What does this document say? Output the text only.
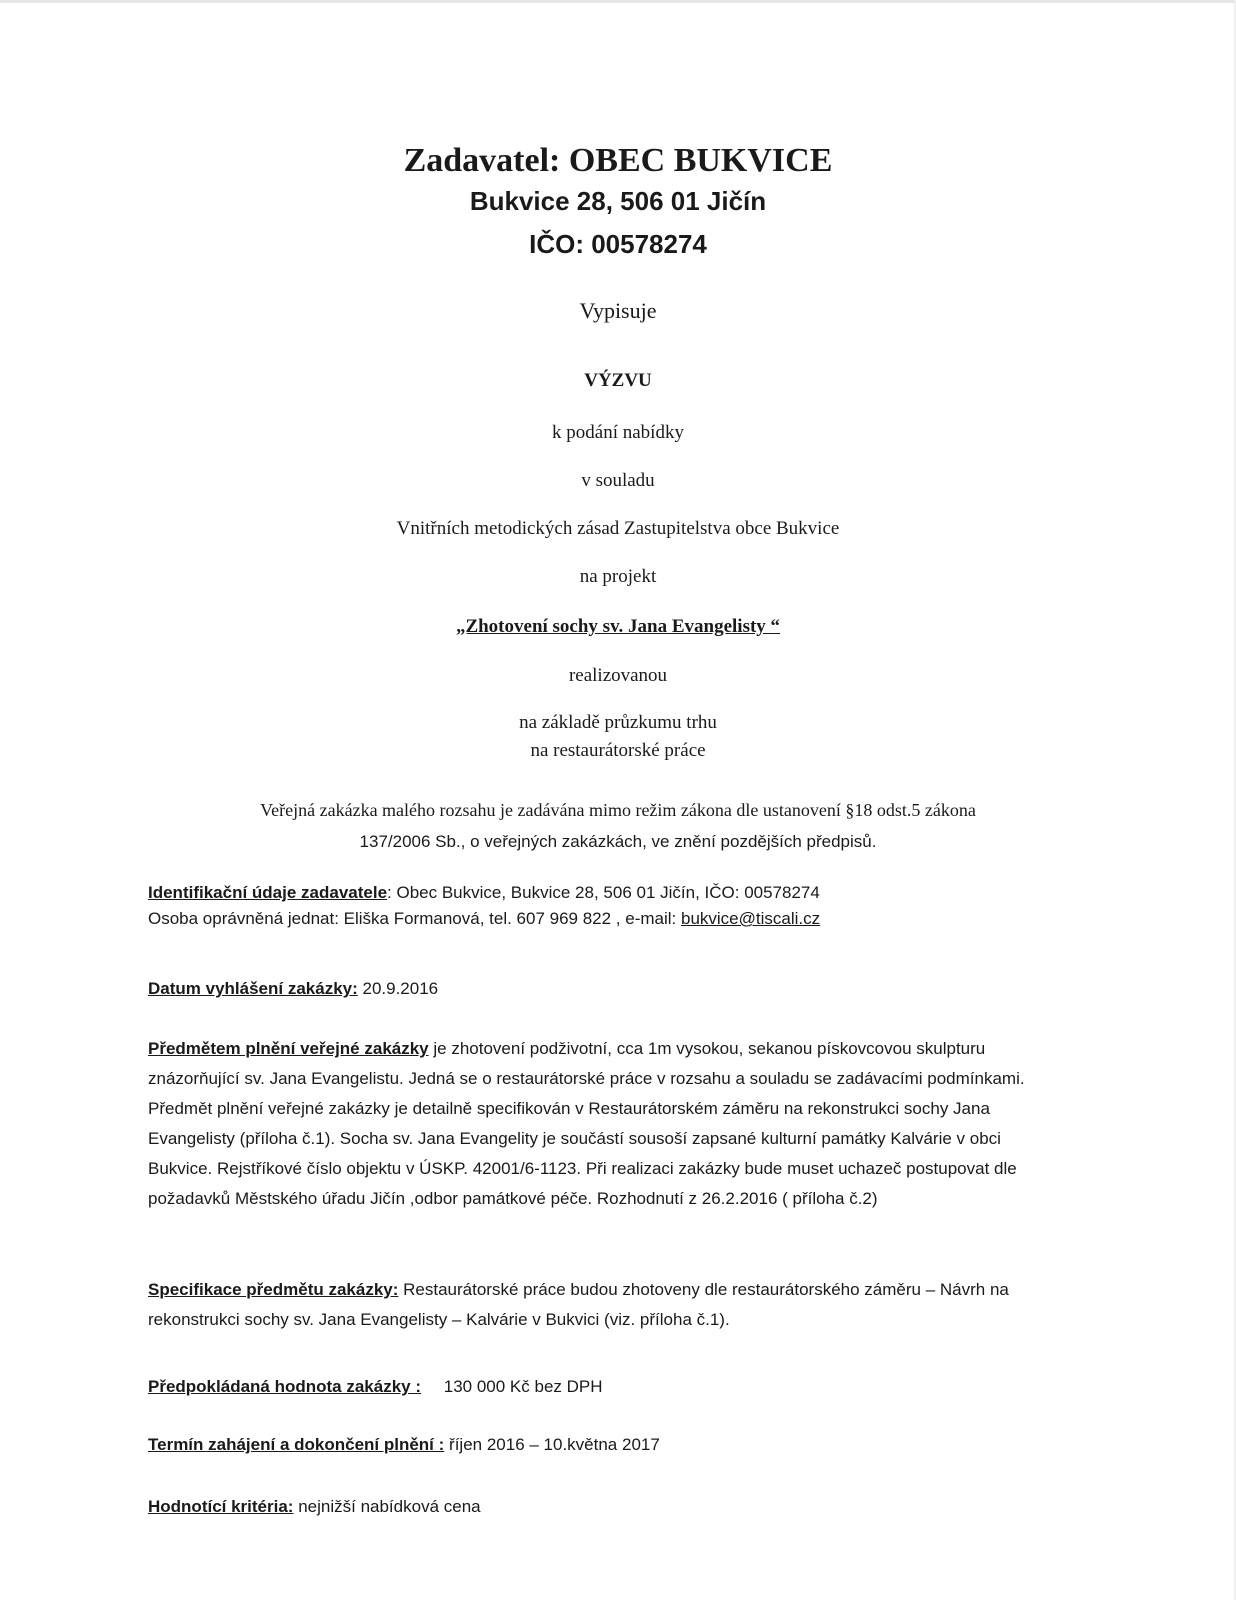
Zadavatel: OBEC BUKVICE
Bukvice 28, 506 01 Jičín
IČO: 00578274
Vypisuje
VÝZVU
k podání nabídky
v souladu
Vnitřních metodických zásad Zastupitelstva obce Bukvice
na projekt
„Zhotovení sochy sv. Jana Evangelisty “
realizovanou
na základě průzkumu trhu
na restaurátorské práce
Veřejná zakázka malého rozsahu je zadávána mimo režim zákona dle ustanovení §18 odst.5 zákona
137/2006 Sb., o veřejných zakázkách, ve znění pozdějších předpisů.
Identifikační údaje zadavatele: Obec Bukvice, Bukvice 28, 506 01 Jičín, IČO: 00578274
Osoba oprávněná jednat: Eliška Formanová, tel. 607 969 822 , e-mail: bukvice@tiscali.cz
Datum vyhlášení zakázky: 20.9.2016
Předmětem plnění veřejné zakázky je zhotovení podživotní, cca 1m vysokou, sekanou pískovcovou skulpturu znázorňující sv. Jana Evangelistu. Jedná se o restaurátorské práce v rozsahu a souladu se zadávacími podmínkami. Předmět plnění veřejné zakázky je detailně specifikován v Restaurátorském záměru na rekonstrukci sochy Jana Evangelisty (příloha č.1). Socha sv. Jana Evangelity je součástí sousoší zapsané kulturní památky Kalvárie v obci Bukvice. Rejstříkové číslo objektu v ÚSKP. 42001/6-1123. Při realizaci zakázky bude muset uchazeč postupovat dle požadavků Městského úřadu Jičín ,odbor památkové péče. Rozhodnutí z 26.2.2016 ( příloha č.2)
Specifikace předmětu zakázky: Restaurátorské práce budou zhotoveny dle restaurátorského záměru – Návrh na rekonstrukci sochy sv. Jana Evangelisty – Kalvárie v Bukvici (viz. příloha č.1).
Předpokládaná hodnota zakázky : 130 000 Kč bez DPH
Termín zahájení a dokončení plnění : říjen 2016 – 10.května 2017
Hodnotící kritéria: nejnižší nabídková cena
